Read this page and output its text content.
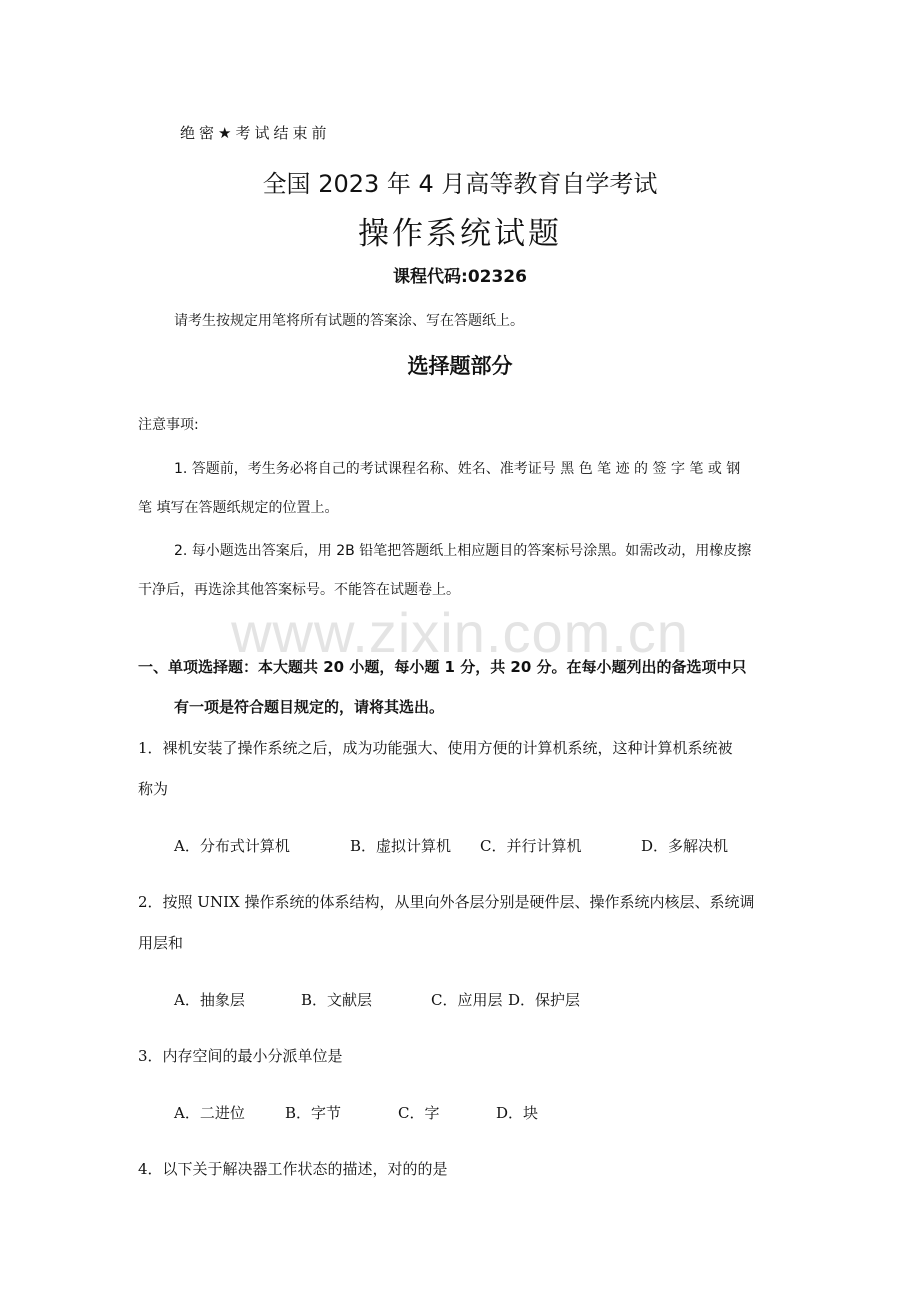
绝密★考试结束前
全国 2023 年 4 月高等教育自学考试
操作系统试题
课程代码:02326
请考生按规定用笔将所有试题的答案涂、写在答题纸上。
选择题部分
注意事项:
1. 答题前，考生务必将自己的考试课程名称、姓名、准考证号 黑 色 笔 迹 的 签 字 笔 或 钢
笔 填写在答题纸规定的位置上。
2. 每小题选出答案后，用 2B 铅笔把答题纸上相应题目的答案标号涂黑。如需改动，用橡皮擦
干净后，再选涂其他答案标号。不能答在试题卷上。
www.zixin.com.cn
一、单项选择题：本大题共 20 小题，每小题 1 分，共 20 分。在每小题列出的备选项中只
有一项是符合题目规定的，请将其选出。
1．裸机安装了操作系统之后，成为功能强大、使用方便的计算机系统，这种计算机系统被
称为
A．分布式计算机	B．虚拟计算机 C．并行计算机	D．多解决机
2．按照 UNIX 操作系统的体系结构，从里向外各层分别是硬件层、操作系统内核层、系统调
用层和
A．抽象层	B．文献层	C．应用层 D．保护层
3．内存空间的最小分派单位是
A．二进位	B．字节	C．字	D．块
4．以下关于解决器工作状态的描述，对的的是
